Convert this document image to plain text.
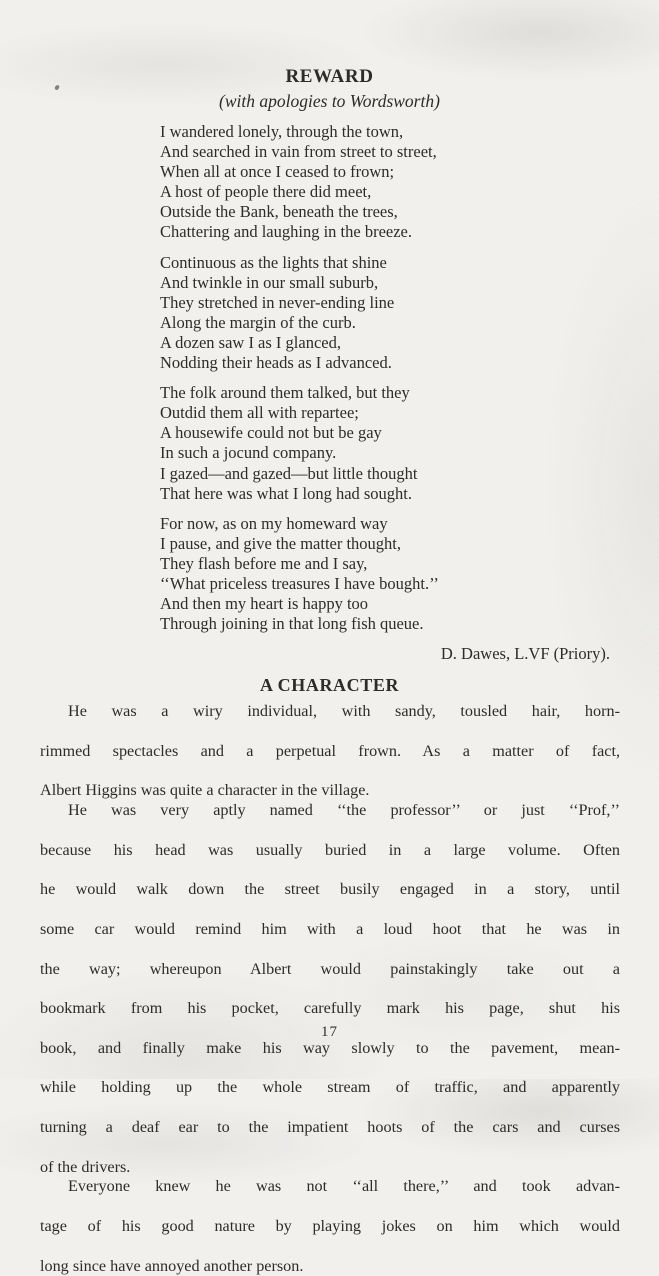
REWARD
(with apologies to Wordsworth)
I wandered lonely, through the town,
And searched in vain from street to street,
When all at once I ceased to frown;
A host of people there did meet,
Outside the Bank, beneath the trees,
Chattering and laughing in the breeze.
Continuous as the lights that shine
And twinkle in our small suburb,
They stretched in never-ending line
Along the margin of the curb.
A dozen saw I as I glanced,
Nodding their heads as I advanced.
The folk around them talked, but they
Outdid them all with repartee;
A housewife could not but be gay
In such a jocund company.
I gazed—and gazed—but little thought
That here was what I long had sought.
For now, as on my homeward way
I pause, and give the matter thought,
They flash before me and I say,
‘‘What priceless treasures I have bought.’’
And then my heart is happy too
Through joining in that long fish queue.
D. Dawes, L.VF (Priory).
A CHARACTER
He was a wiry individual, with sandy, tousled hair, horn-
rimmed spectacles and a perpetual frown. As a matter of fact,
Albert Higgins was quite a character in the village.
He was very aptly named ‘‘the professor’’ or just ‘‘Prof,’’
because his head was usually buried in a large volume. Often
he would walk down the street busily engaged in a story, until
some car would remind him with a loud hoot that he was in
the way; whereupon Albert would painstakingly take out a
bookmark from his pocket, carefully mark his page, shut his
book, and finally make his way slowly to the pavement, mean-
while holding up the whole stream of traffic, and apparently
turning a deaf ear to the impatient hoots of the cars and curses
of the drivers.
Everyone knew he was not ‘‘all there,’’ and took advan-
tage of his good nature by playing jokes on him which would
long since have annoyed another person.
17
